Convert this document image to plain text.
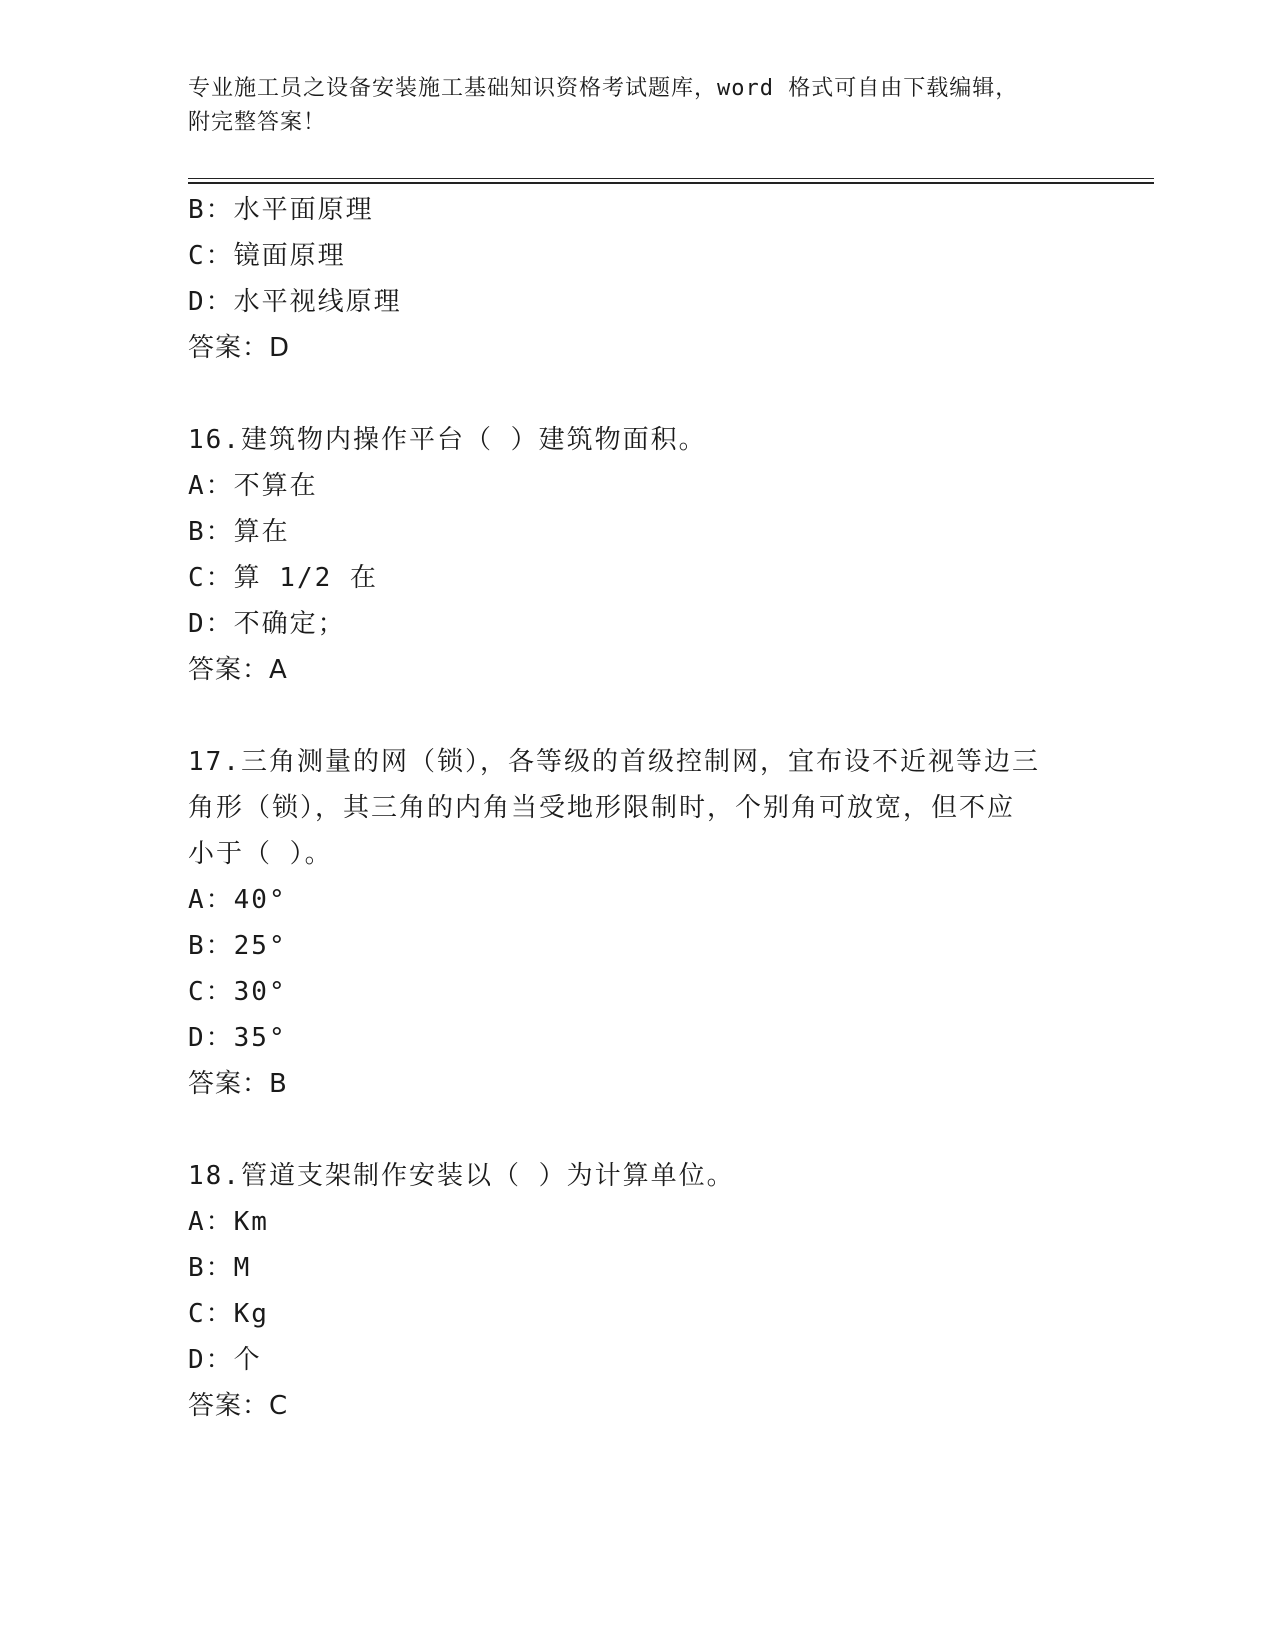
专业施工员之设备安装施工基础知识资格考试题库，word 格式可自由下载编辑，
附完整答案！
B：水平面原理
C：镜面原理
D：水平视线原理
答案：D
16.建筑物内操作平台（ ）建筑物面积。
A：不算在
B：算在
C：算 1/2 在
D：不确定；
答案：A
17.三角测量的网（锁），各等级的首级控制网，宜布设不近视等边三
角形（锁），其三角的内角当受地形限制时，个别角可放宽，但不应
小于（ ）。
A：40°
B：25°
C：30°
D：35°
答案：B
18.管道支架制作安装以（ ）为计算单位。
A：Km
B：M
C：Kg
D：个
答案：C
